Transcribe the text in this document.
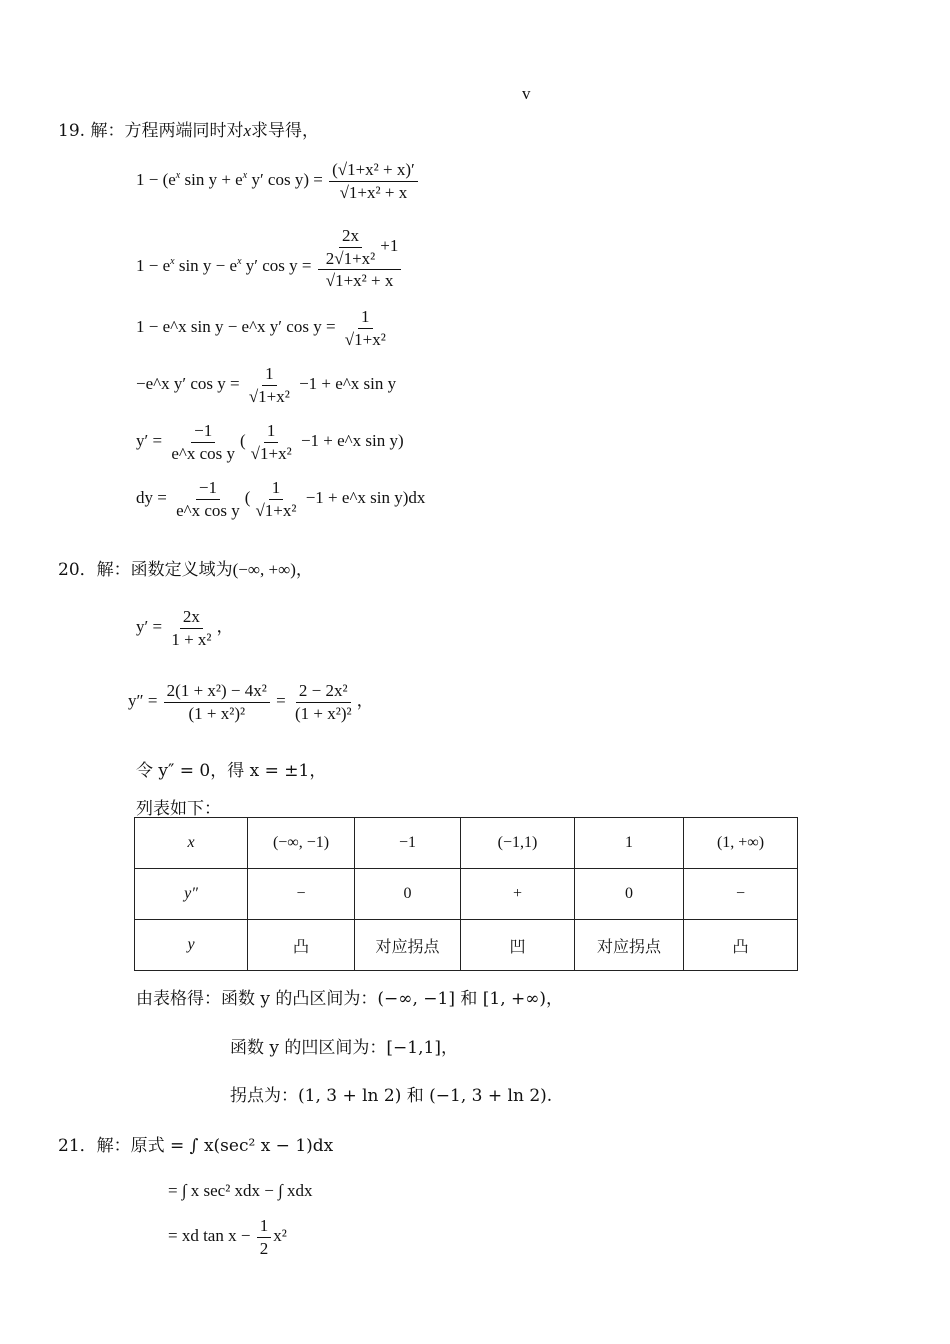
v
19. 解：方程两端同时对x求导得，
$1 - (e^x$ $\sin y + e^x$ y′ $\cos y) = \frac{\text{(√1+x² + x)′}}{\text{√1+x² + x}}$
$1 - e^x$ $\sin y - e^x$ y′ $\cos y = \frac{\frac{2x}{\text{2√1+x²}} +1}{\text{√1+x² + x}}$
1 − e^x sin y − e^x y′ $\cos y = \frac{1}{\text{√1+x²}}$
−e^x y′ $\cos y = \frac{1}{\text{√1+x²}} -1$ + e^x sin y
$y' = \frac{-1}{\text{e\textasciicircum{}x cos y}}$ ( $\frac{1}{\text{√1+x²}} -1$ + e^x sin y)
dy = $\frac{-1}{\text{e\textasciicircum{}x cos y}}$ ( $\frac{1}{\text{√1+x²}} -1$ + e^x sin y)dx
20．解：函数定义域为(−∞, +∞)，
$y' = \frac{2x}{\text{1 + x²}}$ ，
$y'' = \frac{\text{2(1 + x²) − 4x²}}{\text{(1 + x²)²}} = \frac{\text{2 − 2x²}}{\text{(1 + x²)²}}$ ，
令 y″ = 0，得 x = ±1，
列表如下：
x	(−∞, −1)	−1	(−1,1)	1	(1, +∞)
y″	−	0	+	0	−
y	凸	对应拐点	凹	对应拐点	凸
由表格得：函数 y 的凸区间为：(−∞, −1] 和 [1, +∞)，
函数 y 的凹区间为：[−1,1]，
拐点为：(1, 3 + ln 2) 和 (−1, 3 + ln 2).
21．解：原式 = ∫ x(sec² x − 1)dx
= ∫ x sec² xdx − ∫ xdx
= xd $\tan x - \frac{1}{2} x^2$
